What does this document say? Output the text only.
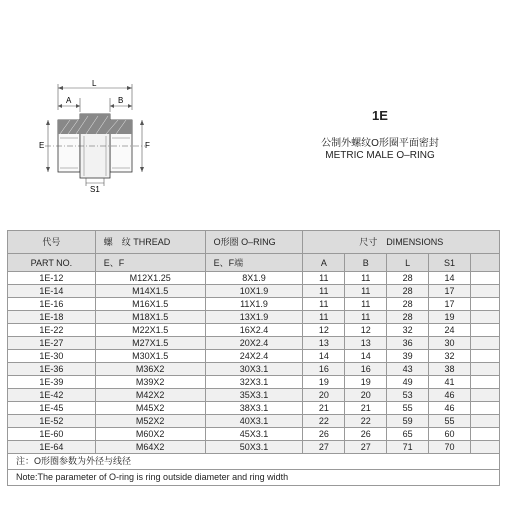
L
A	B
E	F
S1
1E
公制外螺纹O形圈平面密封
METRIC MALE O–RING
代号	螺　纹 THREAD	O形圈 O–RING	尺寸　DIMENSIONS				
PART NO.	E、F	E、F端	A	B	L	S1	
1E-12	M12X1.25	8X1.9	11	11	28	14	
1E-14	M14X1.5	10X1.9	11	11	28	17	
1E-16	M16X1.5	11X1.9	11	11	28	17	
1E-18	M18X1.5	13X1.9	11	11	28	19	
1E-22	M22X1.5	16X2.4	12	12	32	24	
1E-27	M27X1.5	20X2.4	13	13	36	30	
1E-30	M30X1.5	24X2.4	14	14	39	32	
1E-36	M36X2	30X3.1	16	16	43	38	
1E-39	M39X2	32X3.1	19	19	49	41	
1E-42	M42X2	35X3.1	20	20	53	46	
1E-45	M45X2	38X3.1	21	21	55	46	
1E-52	M52X2	40X3.1	22	22	59	55	
1E-60	M60X2	45X3.1	26	26	65	60	
1E-64	M64X2	50X3.1	27	27	71	70	
注：O形圈参数为外径与线径							
Note:The parameter of O-ring is ring outside diameter and ring width							
